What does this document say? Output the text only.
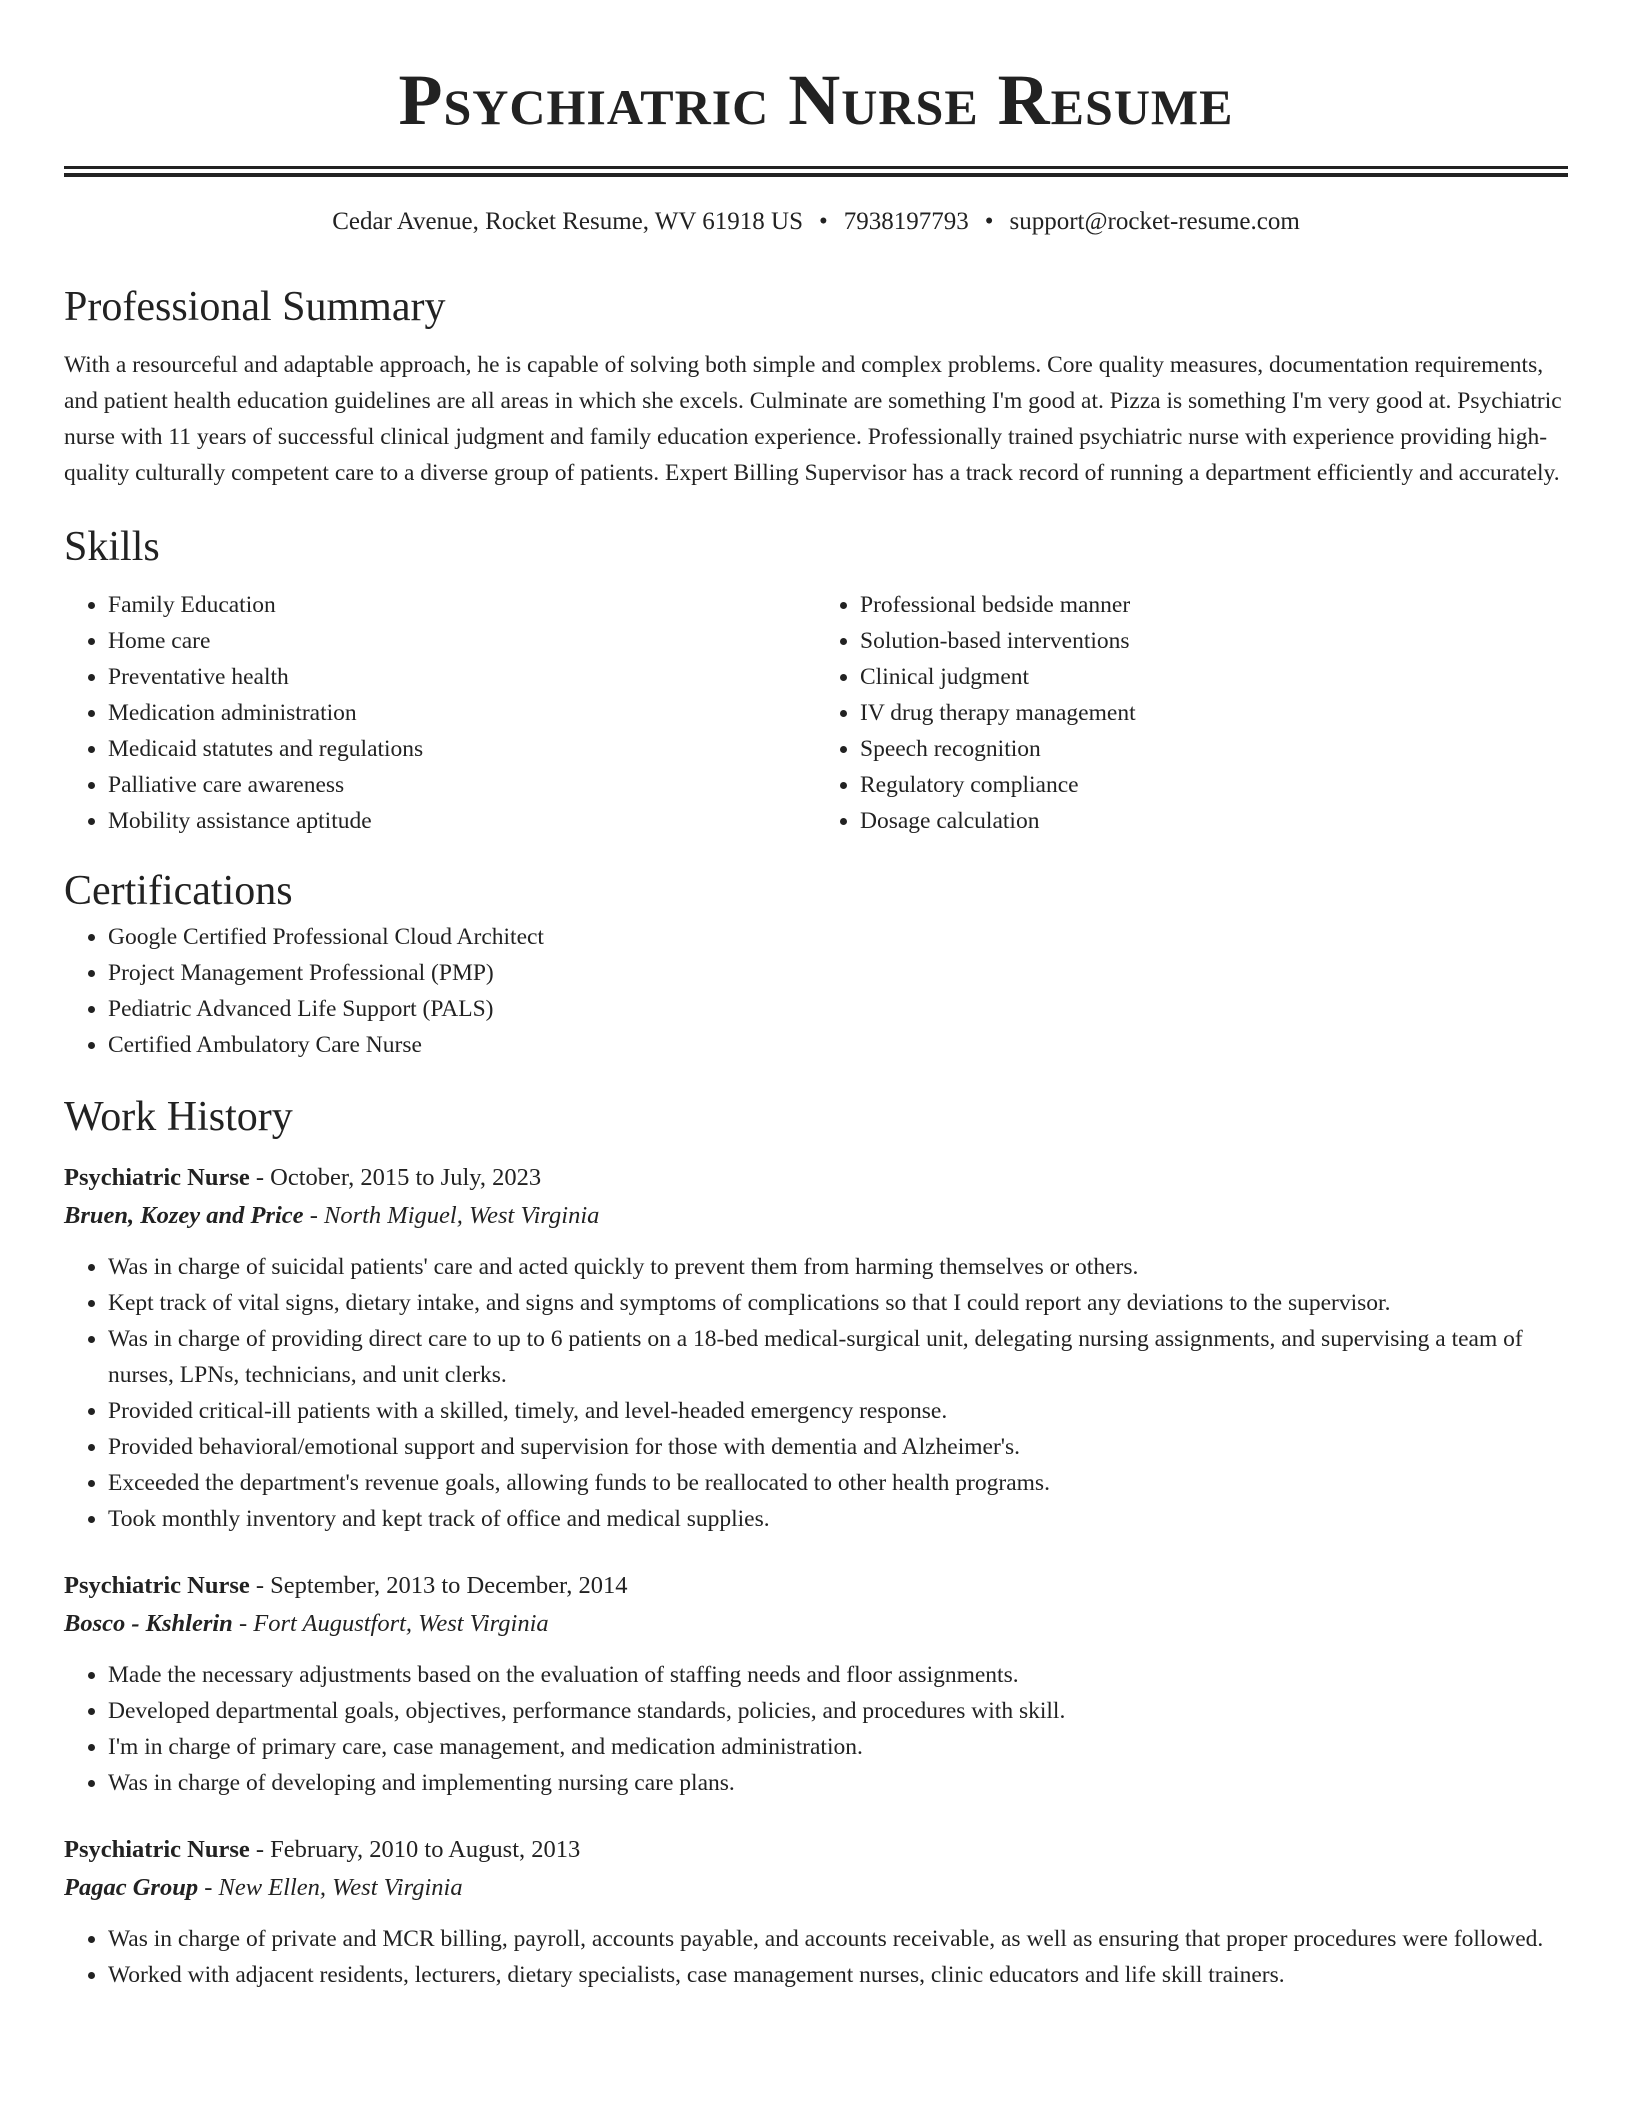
Psychiatric Nurse Resume
Cedar Avenue, Rocket Resume, WV 61918 US • 7938197793 • support@rocket-resume.com
Professional Summary

With a resourceful and adaptable approach, he is capable of solving both simple and complex problems. Core quality measures, documentation requirements, and patient health education guidelines are all areas in which she excels. Culminate are something I'm good at. Pizza is something I'm very good at. Psychiatric nurse with 11 years of successful clinical judgment and family education experience. Professionally trained psychiatric nurse with experience providing high-quality culturally competent care to a diverse group of patients. Expert Billing Supervisor has a track record of running a department efficiently and accurately.

Skills
• Family Education
• Home care
• Preventative health
• Medication administration
• Medicaid statutes and regulations
• Palliative care awareness
• Mobility assistance aptitude
• Professional bedside manner
• Solution-based interventions
• Clinical judgment
• IV drug therapy management
• Speech recognition
• Regulatory compliance
• Dosage calculation
Certifications
• Google Certified Professional Cloud Architect
• Project Management Professional (PMP)
• Pediatric Advanced Life Support (PALS)
• Certified Ambulatory Care Nurse
Work History
Psychiatric Nurse - October, 2015 to July, 2023
Bruen, Kozey and Price - North Miguel, West Virginia
• Was in charge of suicidal patients' care and acted quickly to prevent them from harming themselves or others.
• Kept track of vital signs, dietary intake, and signs and symptoms of complications so that I could report any deviations to the supervisor.
• Was in charge of providing direct care to up to 6 patients on a 18-bed medical-surgical unit, delegating nursing assignments, and supervising a team of nurses, LPNs, technicians, and unit clerks.
• Provided critical-ill patients with a skilled, timely, and level-headed emergency response.
• Provided behavioral/emotional support and supervision for those with dementia and Alzheimer's.
• Exceeded the department's revenue goals, allowing funds to be reallocated to other health programs.
• Took monthly inventory and kept track of office and medical supplies.
Psychiatric Nurse - September, 2013 to December, 2014
Bosco - Kshlerin - Fort Augustfort, West Virginia
• Made the necessary adjustments based on the evaluation of staffing needs and floor assignments.
• Developed departmental goals, objectives, performance standards, policies, and procedures with skill.
• I'm in charge of primary care, case management, and medication administration.
• Was in charge of developing and implementing nursing care plans.
Psychiatric Nurse - February, 2010 to August, 2013
Pagac Group - New Ellen, West Virginia
• Was in charge of private and MCR billing, payroll, accounts payable, and accounts receivable, as well as ensuring that proper procedures were followed.
• Worked with adjacent residents, lecturers, dietary specialists, case management nurses, clinic educators and life skill trainers.
